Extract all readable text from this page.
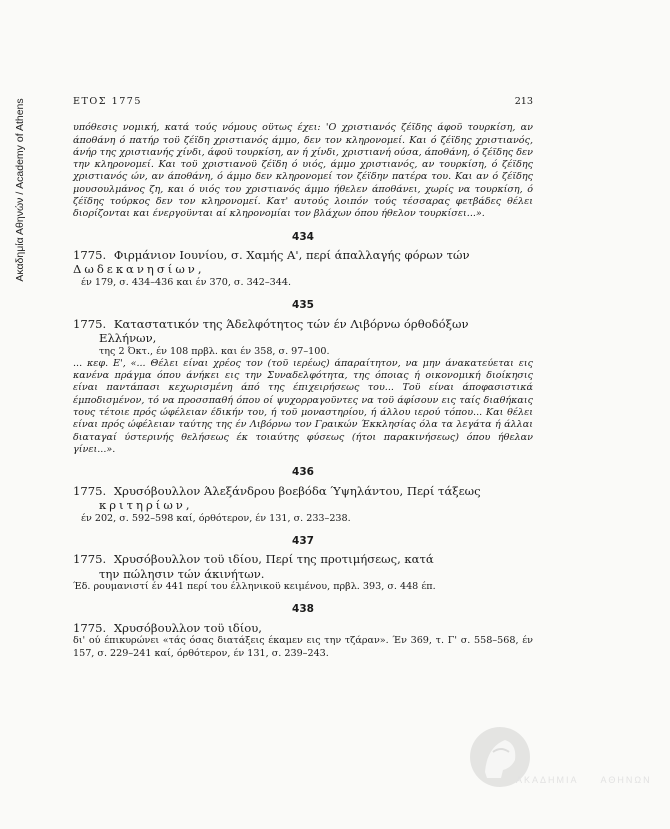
Ακαδημία Αθηνών / Academy of Athens	ΕΤΟΣ 1775	213
υπόθεσις νομική, κατά τούς νόμους οϋτως έχει: 'Ο χριστιανός ζέϊδης άφοϋ τουρκίση, αν άποθάνη ό πατήρ τοϋ ζέϊδη χριστιανός άμμο, δεν τον κληρονομεί. Και ό ζέϊδης χριστιανός, άνήρ της χριστιανής χίνδι, άφοϋ τουρκίση, αν ή χίνδι, χριστιανή ούσα, άποθάνη, ό ζέϊδης δεν την κληρονομεί. Και τοϋ χριστιανοϋ ζέϊδη ό υιός, άμμο χριστιανός, αν τουρκίση, ό ζέϊδης χριστιανός ών, αν άποθάνη, ό άμμο δεν κληρονομεί τον ζέϊδην πατέρα του. Και αν ό ζέϊδης μουσουλμάνος ζη, και ό υιός του χριστιανός άμμο ήθελεν άποθάνει, χωρίς να τουρκίση, ό ζέϊδης τούρκος δεν τον κληρονομεί. Κατ' αυτούς λοιπόν τούς τέσσαρας φετβάδες θέλει διορίζονται και ένεργοϋνται αί κληρονομίαι τον βλάχων όπου ήθελον τουρκίσει...».
434
1775. Φιρμάνιον Ιουνίου, σ. Χαμής Α', περί άπαλλαγής φόρων τών Δωδεκανησίων,
έν 179, σ. 434–436 και έν 370, σ. 342–344.
435
1775. Καταστατικόν της Άδελφότητος τών έν Λιβόρνω όρθοδόξων
Ελλήνων,
της 2 Όκτ., έν 108 πρβλ. και έν 358, σ. 97–100.
... κεφ. Ε', «... Θέλει είναι χρέος τον (τοϋ ιερέως) άπαραίτητον, να μην άνακατεύεται εις κανένα πράγμα όπου άνήκει εις την Συναδελφότητα, της όποιας ή οικονομική διοίκησις είναι παντάπασι κεχωρισμένη άπό της έπιχειρήσεως του... Τοϋ είναι άποφασιστικά έμποδισμένον, τό να προσσπαθή όπου οί ψυχορραγοϋντες να τοϋ άφίσουν εις ταίς διαθήκαις τους τέτοιε πρός ώφέλειαν έδικήν του, ή τοϋ μοναστηρίου, ή άλλου ιερού τόπου... Και θέλει είναι πρός ώφέλειαν ταύτης της έν Λιβόρνω τον Γραικών Έκκλησίας όλα τα λεγάτα ή άλλαι διαταγαί ύστερινής θελήσεως έκ τοιαύτης φύσεως (ήτοι παρακινήσεως) όπου ήθελαν γίνει...».
436
1775. Χρυσόβουλλον Άλεξάνδρου βοεβόδα Ύψηλάντου, Περί τάξεως
κριτηρίων,
έν 202, σ. 592–598 καί, όρθότερον, έν 131, σ. 233–238.
437
1775. Χρυσόβουλλον τοϋ ιδίου, Περί της προτιμήσεως, κατά
την πώλησιν τών άκινήτων.
Έδ. ρουμανιστί έν 441 περί του έλληνικοϋ κειμένου, πρβλ. 393, σ. 448 έπ.
438
1775. Χρυσόβουλλον τοϋ ιδίου,
δι' ού έπικυρώνει «τάς όσας διατάξεις έκαμεν εις την τζάραν». Έν 369, τ. Γ' σ. 558–568, έν 157, σ. 229–241 καί, όρθότερον, έν 131, σ. 239–243.
ΑΚΑΔΗΜΙΑ ΑΘΗΝΩΝ
